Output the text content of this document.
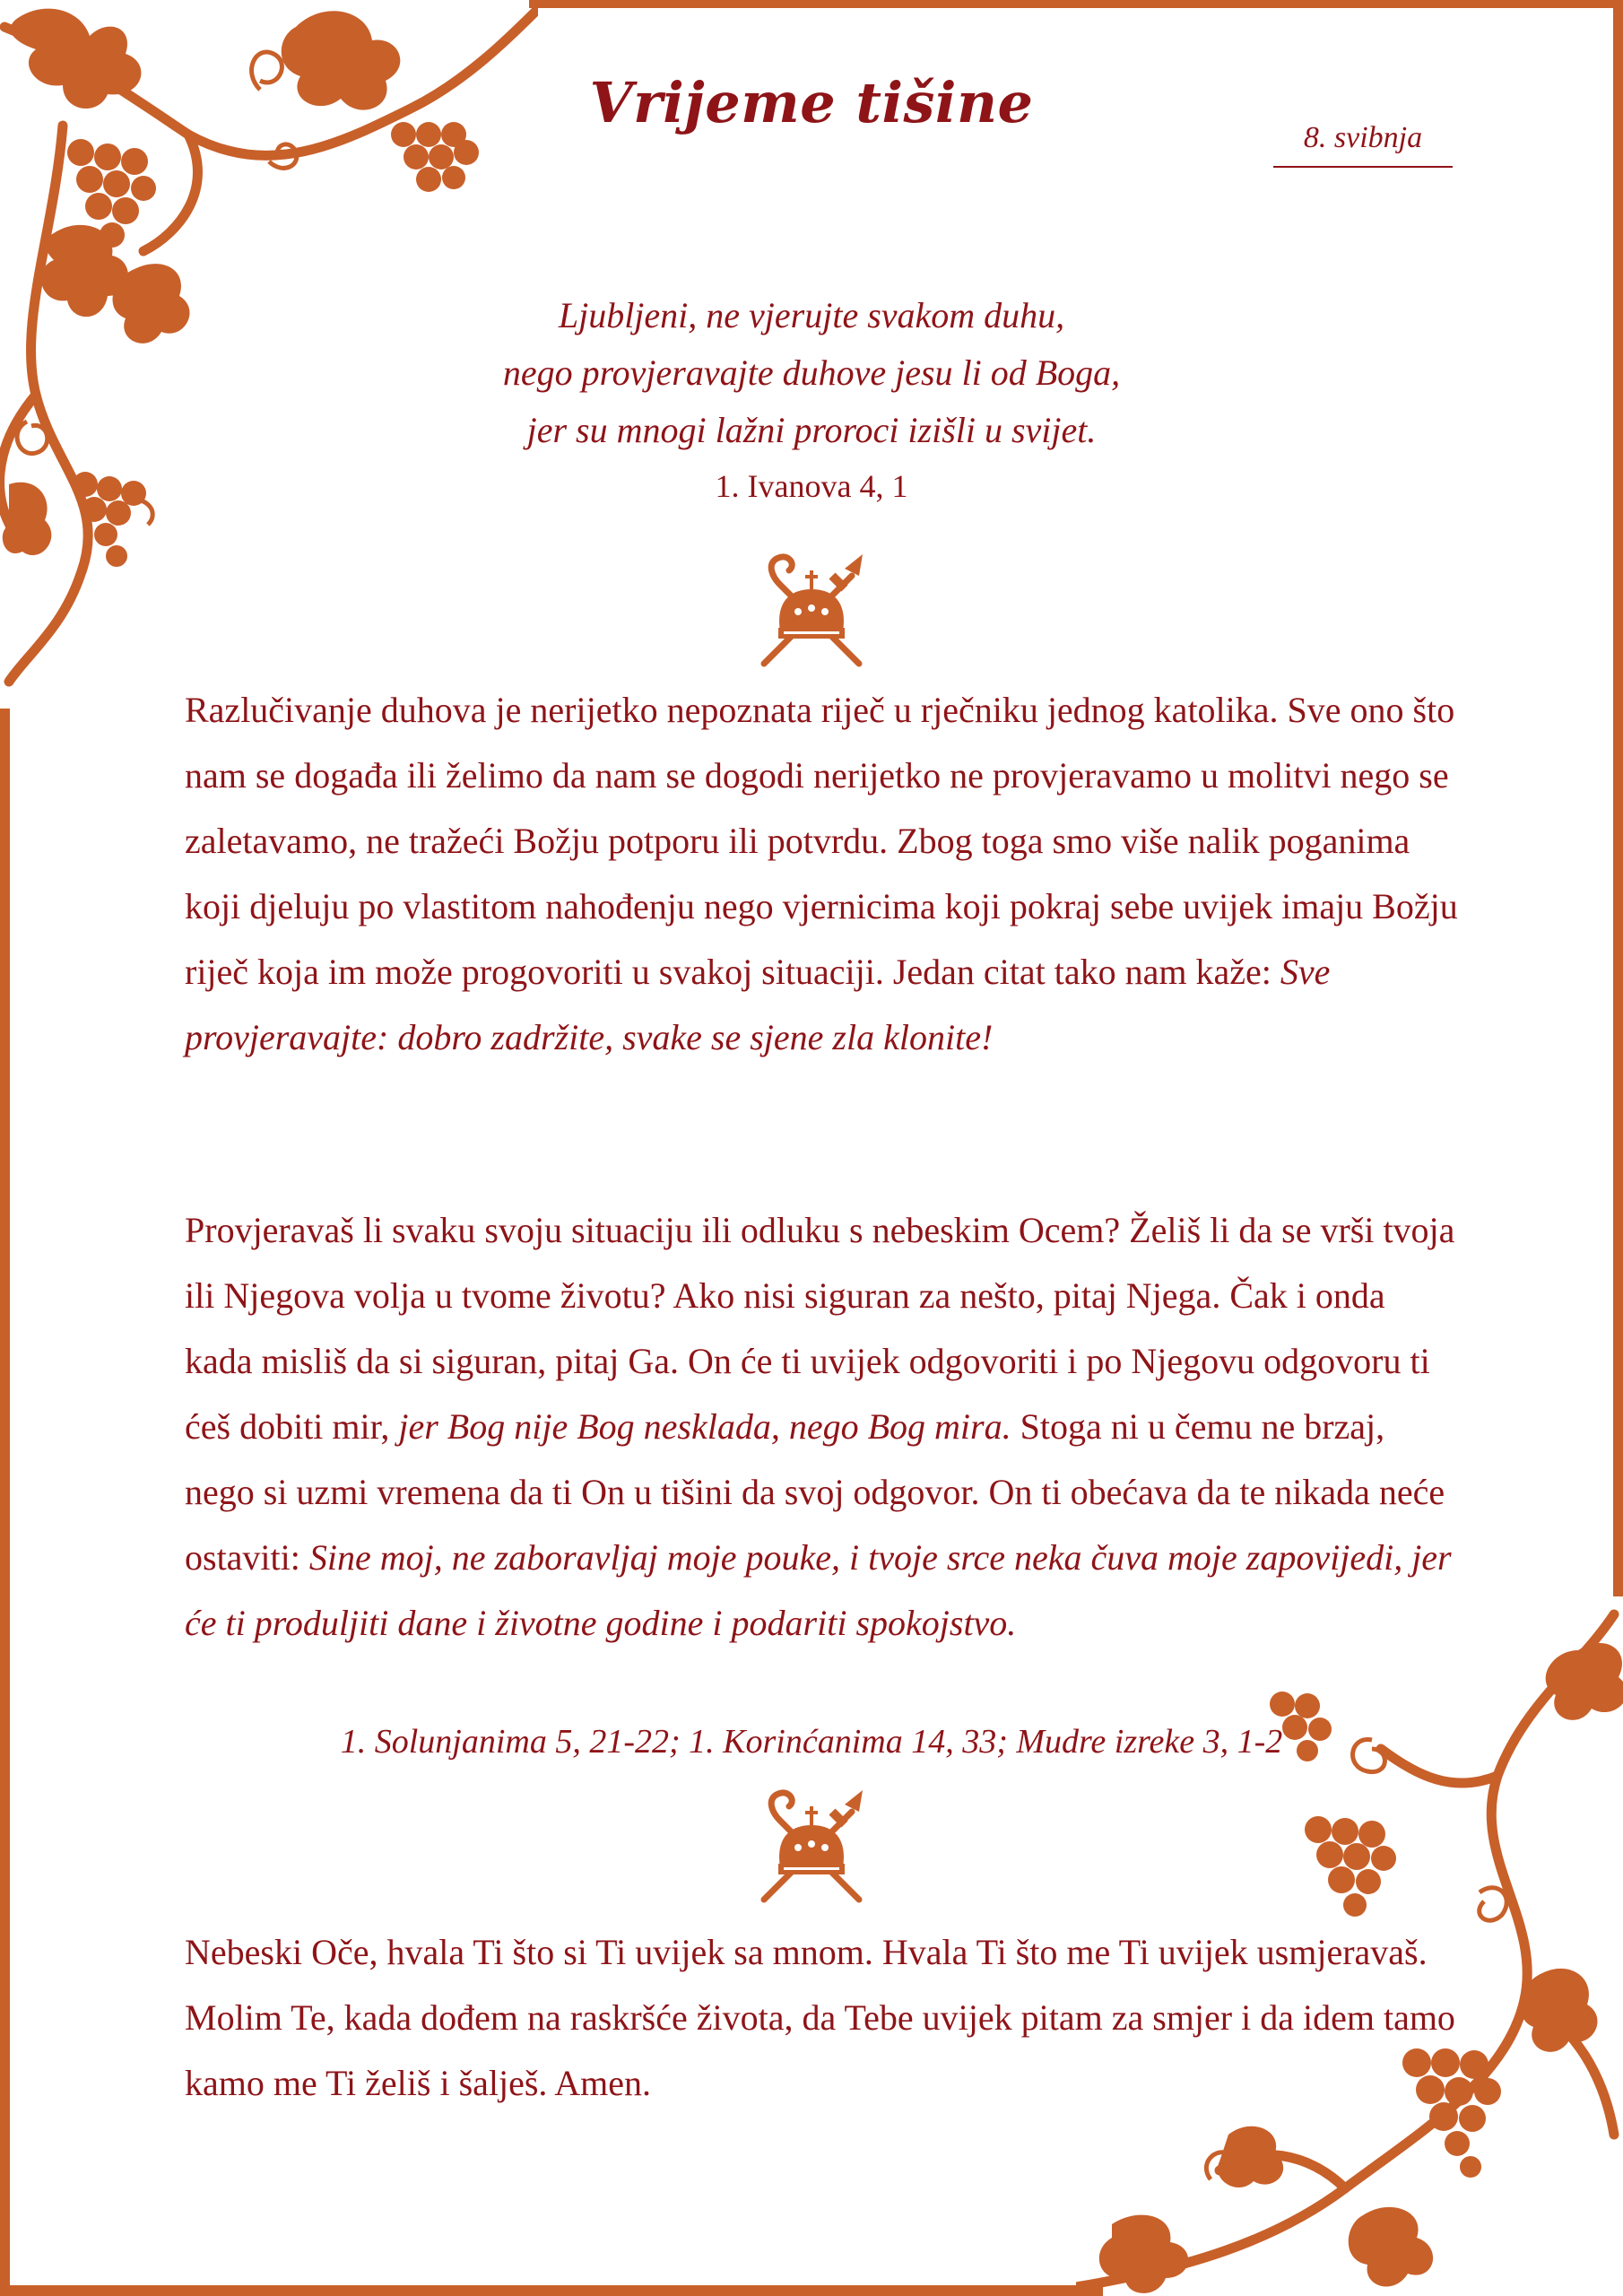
Vrijeme tišine
8. svibnja
Ljubljeni, ne vjerujte svakom duhu,
nego provjeravajte duhove jesu li od Boga,
jer su mnogi lažni proroci izišli u svijet.
1. Ivanova 4, 1
Razlučivanje duhova je nerijetko nepoznata riječ u rječniku jednog katolika. Sve ono što nam se događa ili želimo da nam se dogodi nerijetko ne provjeravamo u molitvi nego se zaletavamo, ne tražeći Božju potporu ili potvrdu. Zbog toga smo više nalik poganima koji djeluju po vlastitom nahođenju nego vjernicima koji pokraj sebe uvijek imaju Božju riječ koja im može progovoriti u svakoj situaciji. Jedan citat tako nam kaže: Sve provjeravajte: dobro zadržite, svake se sjene zla klonite!
Provjeravaš li svaku svoju situaciju ili odluku s nebeskim Ocem? Želiš li da se vrši tvoja ili Njegova volja u tvome životu? Ako nisi siguran za nešto, pitaj Njega. Čak i onda kada misliš da si siguran, pitaj Ga. On će ti uvijek odgovoriti i po Njegovu odgovoru ti ćeš dobiti mir, jer Bog nije Bog nesklada, nego Bog mira. Stoga ni u čemu ne brzaj, nego si uzmi vremena da ti On u tišini da svoj odgovor. On ti obećava da te nikada neće ostaviti: Sine moj, ne zaboravljaj moje pouke, i tvoje srce neka čuva moje zapovijedi, jer će ti produljiti dane i životne godine i podariti spokojstvo.
1. Solunjanima 5, 21-22; 1. Korinćanima 14, 33; Mudre izreke 3, 1-2
Nebeski Oče, hvala Ti što si Ti uvijek sa mnom. Hvala Ti što me Ti uvijek usmjeravaš. Molim Te, kada dođem na raskršće života, da Tebe uvijek pitam za smjer i da idem tamo kamo me Ti želiš i šalješ. Amen.
